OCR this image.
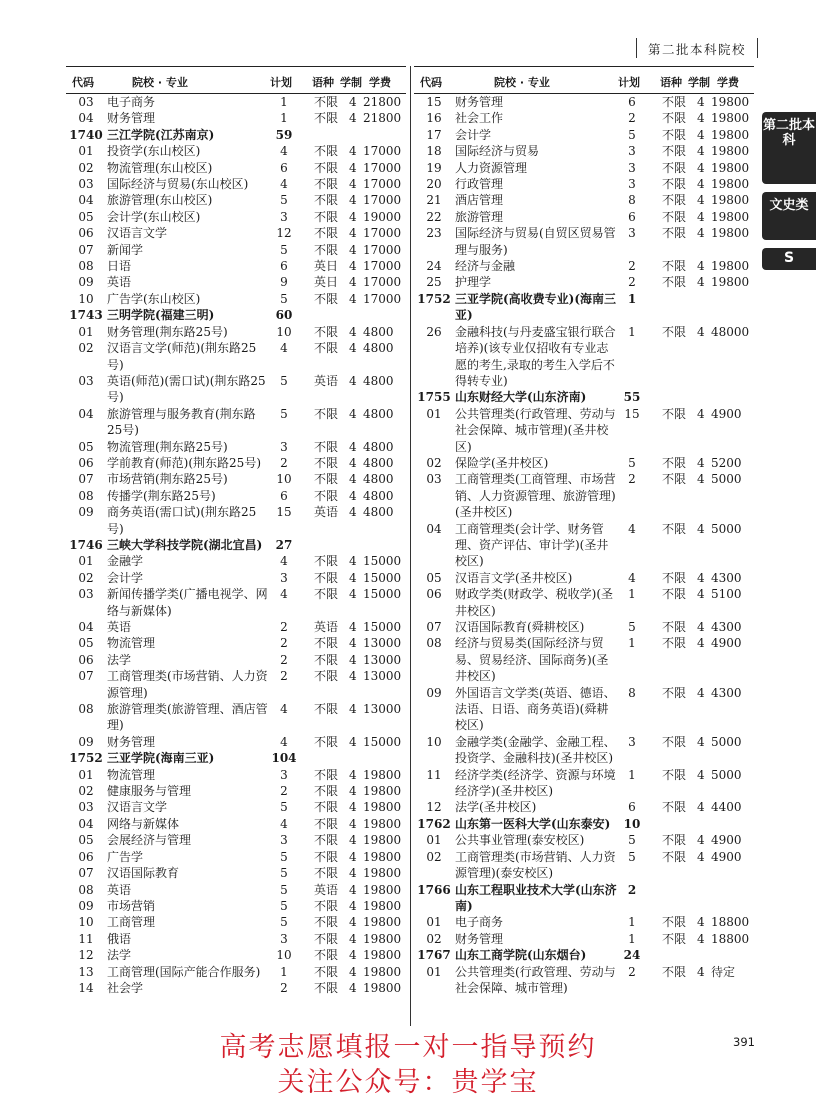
第二批本科院校
第二批本科
文史类
S
代码	院校 · 专业	计划 语种 学制 学费
03	电子商务	1	不限 4 21800
04	财务管理	1	不限 4 21800
1740 三江学院(江苏南京)	59
01	投资学(东山校区)	4	不限 4 17000
02	物流管理(东山校区)	6	不限 4 17000
03	国际经济与贸易(东山校区)	4	不限 4 17000
04	旅游管理(东山校区)	5	不限 4 17000
05	会计学(东山校区)	3	不限 4 19000
06	汉语言文学	12	不限 4 17000
07	新闻学	5	不限 4 17000
08	日语	6	英日 4 17000
09	英语	9	英日 4 17000
10	广告学(东山校区)	5	不限 4 17000
1743 三明学院(福建三明)	60
01	财务管理(荆东路25号)	10	不限 4 4800
02	汉语言文学(师范)(荆东路25号)
4	不限 4 4800
03	英语(师范)(需口试)(荆东路25号)
5	英语 4 4800
04	旅游管理与服务教育(荆东路25号)
5	不限 4 4800
05	物流管理(荆东路25号)	3	不限 4 4800
06	学前教育(师范)(荆东路25号)	2	不限 4 4800
07	市场营销(荆东路25号)	10	不限 4 4800
08	传播学(荆东路25号)	6	不限 4 4800
09	商务英语(需口试)(荆东路25号)
15	英语 4 4800
1746 三峡大学科技学院(湖北宜昌)	27
01	金融学	4	不限 4 15000
02	会计学	3	不限 4 15000
03	新闻传播学类(广播电视学、网络与新媒体)
4	不限 4 15000
04	英语	2	英语 4 15000
05	物流管理	2	不限 4 13000
06	法学	2	不限 4 13000
07	工商管理类(市场营销、人力资源管理)
2	不限 4 13000
08	旅游管理类(旅游管理、酒店管理)
4	不限 4 13000
09	财务管理	4	不限 4 15000
1752 三亚学院(海南三亚)	104
01	物流管理	3	不限 4 19800
02	健康服务与管理	2	不限 4 19800
03	汉语言文学	5	不限 4 19800
04	网络与新媒体	4	不限 4 19800
05	会展经济与管理	3	不限 4 19800
06	广告学	5	不限 4 19800
07	汉语国际教育	5	不限 4 19800
08	英语	5	英语 4 19800
09	市场营销	5	不限 4 19800
10	工商管理	5	不限 4 19800
11	俄语	3	不限 4 19800
12	法学	10	不限 4 19800
13	工商管理(国际产能合作服务)	1	不限 4 19800
14	社会学	2	不限 4 19800
代码	院校 · 专业	计划 语种 学制 学费
15	财务管理	6	不限 4 19800
16	社会工作	2	不限 4 19800
17	会计学	5	不限 4 19800
18	国际经济与贸易	3	不限 4 19800
19	人力资源管理	3	不限 4 19800
20	行政管理	3	不限 4 19800
21	酒店管理	8	不限 4 19800
22	旅游管理	6	不限 4 19800
23	国际经济与贸易(自贸区贸易管理与服务)
3	不限 4 19800
24	经济与金融	2	不限 4 19800
25	护理学	2	不限 4 19800
1752 三亚学院(高收费专业)(海南三亚)
1
26	金融科技(与丹麦盛宝银行联合培养)(该专业仅招收有专业志愿的考生,录取的考生入学后不得转专业)
1	不限 4 48000
1755 山东财经大学(山东济南)	55
01	公共管理类(行政管理、劳动与社会保障、城市管理)(圣井校区)
15	不限 4 4900
02	保险学(圣井校区)	5	不限 4 5200
03	工商管理类(工商管理、市场营销、人力资源管理、旅游管理)(圣井校区)
2	不限 4 5000
04	工商管理类(会计学、财务管理、资产评估、审计学)(圣井校区)
4	不限 4 5000
05	汉语言文学(圣井校区)	4	不限 4 4300
06	财政学类(财政学、税收学)(圣井校区)
1	不限 4 5100
07	汉语国际教育(舜耕校区)	5	不限 4 4300
08	经济与贸易类(国际经济与贸易、贸易经济、国际商务)(圣井校区)
1	不限 4 4900
09	外国语言文学类(英语、德语、法语、日语、商务英语)(舜耕校区)
8	不限 4 4300
10	金融学类(金融学、金融工程、投资学、金融科技)(圣井校区)
3	不限 4 5000
11	经济学类(经济学、资源与环境经济学)(圣井校区)
1	不限 4 5000
12	法学(圣井校区)	6	不限 4 4400
1762 山东第一医科大学(山东泰安)	10
01	公共事业管理(泰安校区)	5	不限 4 4900
02	工商管理类(市场营销、人力资源管理)(泰安校区)
5	不限 4 4900
1766 山东工程职业技术大学(山东济南)
2
01	电子商务	1	不限 4 18800
02	财务管理	1	不限 4 18800
1767 山东工商学院(山东烟台)	24
01	公共管理类(行政管理、劳动与社会保障、城市管理)
2	不限 4 待定
391
高考志愿填报一对一指导预约
关注公众号：贵学宝
